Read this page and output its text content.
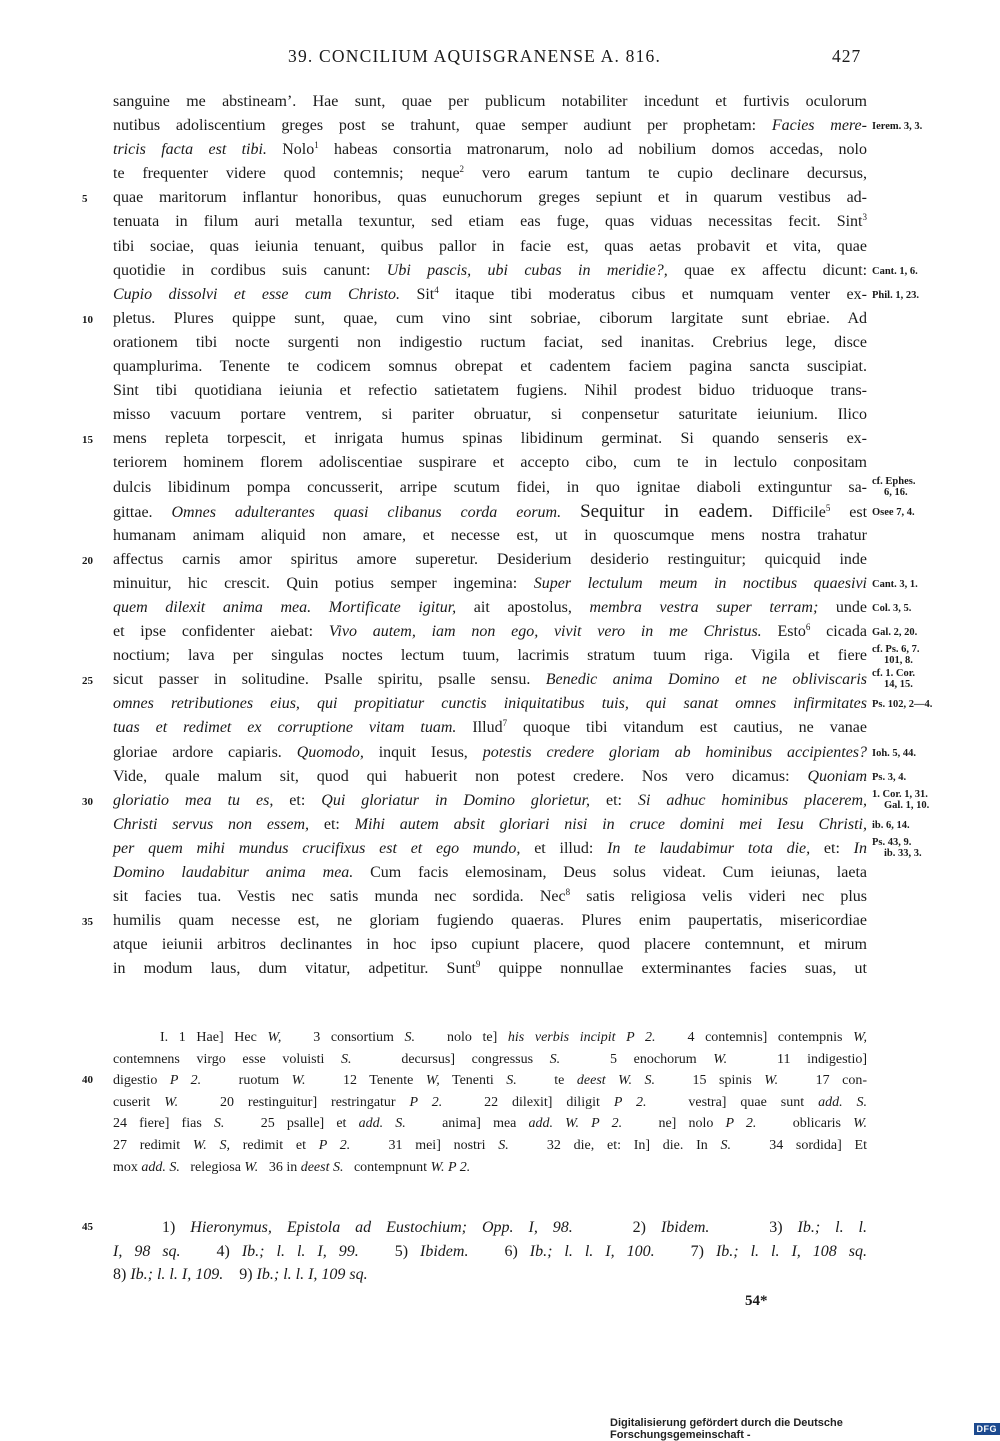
39. CONCILIUM AQUISGRANENSE A. 816.	427
sanguine me abstineam’. Hae sunt, quae per publicum notabiliter incedunt et furtivis oculorum
nutibus adoliscentium greges post se trahunt, quae semper audiunt per prophetam: Facies mere- Ierem. 3, 3.
tricis facta est tibi. Nolo$^1$ habeas consortia matronarum, nolo ad nobilium domos accedas, nolo
te frequenter videre quod contemnis; neque$^2$ vero earum tantum te cupio declinare decursus,
5	quae maritorum inflantur honoribus, quas eunuchorum greges sepiunt et in quarum vestibus ad-
tenuata in filum auri metalla texuntur, sed etiam eas fuge, quas viduas necessitas fecit. Sint$^3$
tibi sociae, quas ieiunia tenuant, quibus pallor in facie est, quas aetas probavit et vita, quae
quotidie in cordibus suis canunt: Ubi pascis, ubi cubas in meridie?, quae ex affectu dicunt: Cant. 1, 6.
Cupio dissolvi et esse cum Christo. Sit$^4$ itaque tibi moderatus cibus et numquam venter ex- Phil. 1, 23.
10	pletus. Plures quippe sunt, quae, cum vino sint sobriae, ciborum largitate sunt ebriae. Ad
orationem tibi nocte surgenti non indigestio ructum faciat, sed inanitas. Crebrius lege, disce
quamplurima. Tenente te codicem somnus obrepat et cadentem faciem pagina sancta suscipiat.
Sint tibi quotidiana ieiunia et refectio satietatem fugiens. Nihil prodest biduo triduoque trans-
misso vacuum portare ventrem, si pariter obruatur, si conpensetur saturitate ieiunium. Ilico
15	mens repleta torpescit, et inrigata humus spinas libidinum germinat. Si quando senseris ex-
teriorem hominem florem adoliscentiae suspirare et accepto cibo, cum te in lectulo conpositam
dulcis libidinum pompa concusserit, arripe scutum fidei, in quo ignitae diaboli extinguntur sa- cf. Ephes.
6, 16.
gittae. Omnes adulterantes quasi clibanus corda eorum. Sequitur in eadem. Difficile$^5$ est Osee 7, 4.
humanam animam aliquid non amare, et necesse est, ut in quoscumque mens nostra trahatur
20	affectus carnis amor spiritus amore superetur. Desiderium desiderio restinguitur; quicquid inde
minuitur, hic crescit. Quin potius semper ingemina: Super lectulum meum in noctibus quaesivi Cant. 3, 1.
quem dilexit anima mea. Mortificate igitur, ait apostolus, membra vestra super terram; unde Col. 3, 5.
et ipse confidenter aiebat: Vivo autem, iam non ego, vivit vero in me Christus. Esto$^6$ cicada Gal. 2, 20.
noctium; lava per singulas noctes lectum tuum, lacrimis stratum tuum riga. Vigila et fiere cf. Ps. 6, 7.
101, 8.
25	sicut passer in solitudine. Psalle spiritu, psalle sensu. Benedic anima Domino et ne obliviscaris cf. 1. Cor.
14, 15.
omnes retributiones eius, qui propitiatur cunctis iniquitatibus tuis, qui sanat omnes infirmitates Ps. 102, 2—4.
tuas et redimet ex corruptione vitam tuam. Illud$^7$ quoque tibi vitandum est cautius, ne vanae
gloriae ardore capiaris. Quomodo, inquit Iesus, potestis credere gloriam ab hominibus accipientes? Ioh. 5, 44.
Vide, quale malum sit, quod qui habuerit non potest credere. Nos vero dicamus: Quoniam Ps. 3, 4.
30	gloriatio mea tu es, et: Qui gloriatur in Domino glorietur, et: Si adhuc hominibus placerem, 1. Cor. 1, 31.
Gal. 1, 10.
Christi servus non essem, et: Mihi autem absit gloriari nisi in cruce domini mei Iesu Christi, ib. 6, 14.
per quem mihi mundus crucifixus est et ego mundo, et illud: In te laudabimur tota die, et: In Ps. 43, 9.
ib. 33, 3.
Domino laudabitur anima mea. Cum facis elemosinam, Deus solus videat. Cum ieiunas, laeta
sit facies tua. Vestis nec satis munda nec sordida. Nec$^8$ satis religiosa velis videri nec plus
35	humilis quam necesse est, ne gloriam fugiendo quaeras. Plures enim paupertatis, misericordiae
atque ieiunii arbitros declinantes in hoc ipso cupiunt placere, quod placere contemnunt, et mirum
in modum laus, dum vitatur, adpetitur. Sunt$^9$ quippe nonnullae exterminantes facies suas, ut
I. 1 Hae] Hec W,   3 consortium S.   nolo te] his verbis incipit P 2.   4 contemnis] contempnis W,
contemnens virgo esse voluisti S.   decursus] congressus S.   5 enochorum W.   11 indigestio]
40	digestio P 2.   ruotum W.   12 Tenente W, Tenenti S.   te deest W. S.   15 spinis W.   17 con-
cuserit W.   20 restinguitur] restringatur P 2.   22 dilexit] diligit P 2.   vestra] quae sunt add. S.
24 fiere] fias S.   25 psalle] et add. S.   anima] mea add. W. P 2.   ne] nolo P 2.   oblicaris W.
27 redimit W. S, redimit et P 2.   31 mei] nostri S.   32 die, et: In] die. In S.   34 sordida] Et
mox add. S.   relegiosa W.   36 in deest S.   contempnunt W. P 2.
45	1) Hieronymus, Epistola ad Eustochium; Opp. I, 98.    2) Ibidem.    3) Ib.; l. l.
I, 98 sq.   4) Ib.; l. l. I, 99.   5) Ibidem.   6) Ib.; l. l. I, 100.   7) Ib.; l. l. I, 108 sq.
8) Ib.; l. l. I, 109.    9) Ib.; l. l. I, 109 sq.
54*
Digitalisierung gefördert durch die Deutsche Forschungsgemeinschaft -	DFG
